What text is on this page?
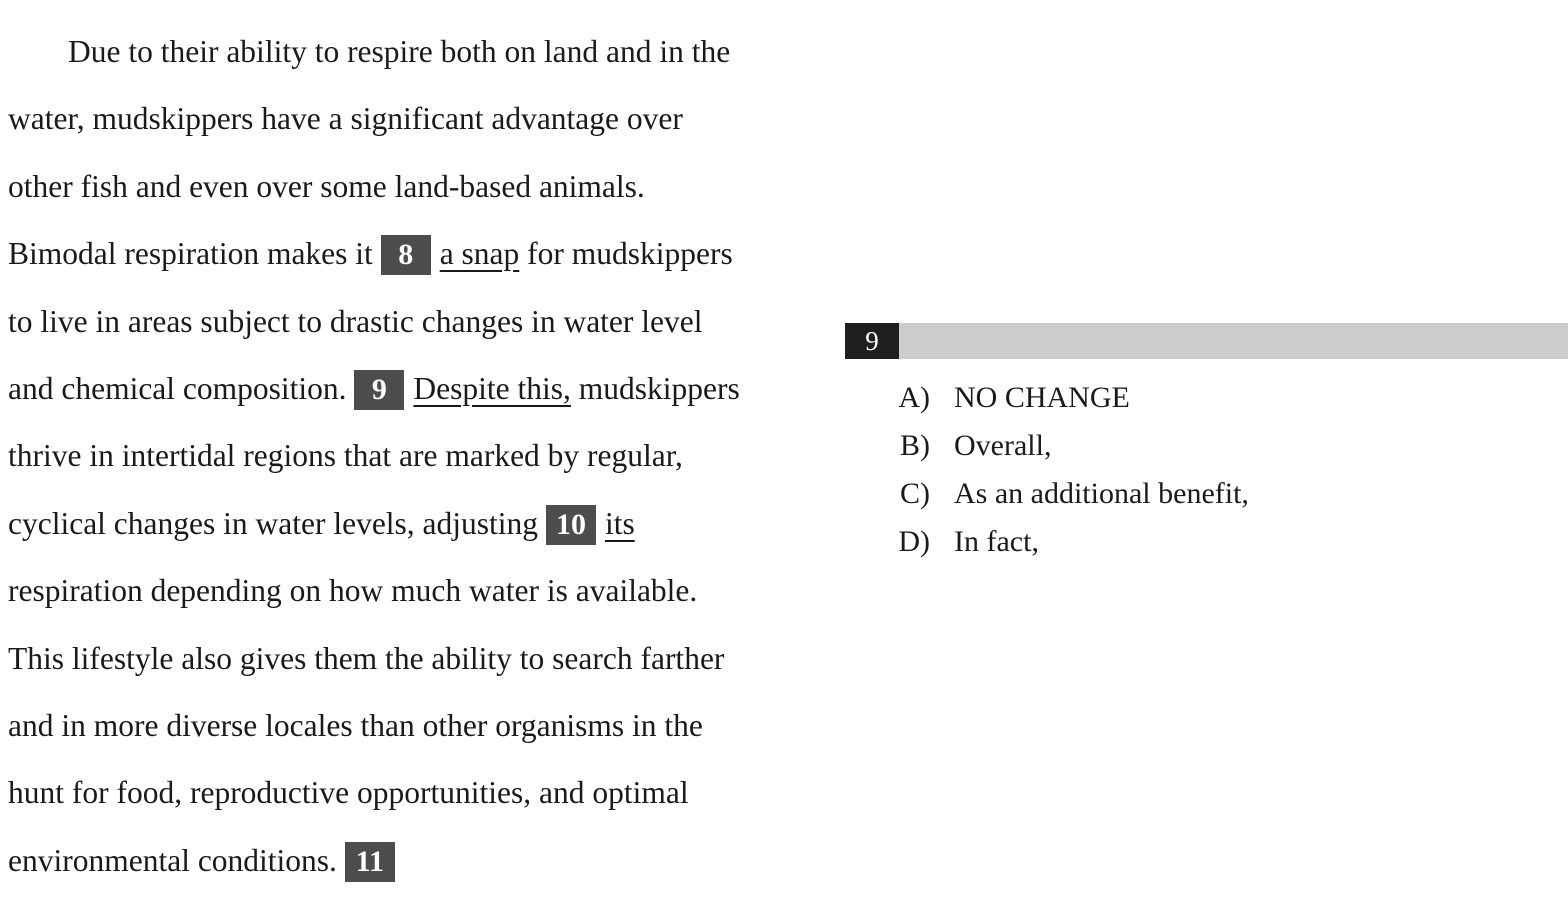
Due to their ability to respire both on land and in the
water, mudskippers have a significant advantage over
other fish and even over some land-based animals.
Bimodal respiration makes it 8 a snap for mudskippers
to live in areas subject to drastic changes in water level
and chemical composition. 9 Despite this, mudskippers
thrive in intertidal regions that are marked by regular,
cyclical changes in water levels, adjusting 10 its
respiration depending on how much water is available.
This lifestyle also gives them the ability to search farther
and in more diverse locales than other organisms in the
hunt for food, reproductive opportunities, and optimal
environmental conditions. 11
9
A) NO CHANGE
B) Overall,
C) As an additional benefit,
D) In fact,
